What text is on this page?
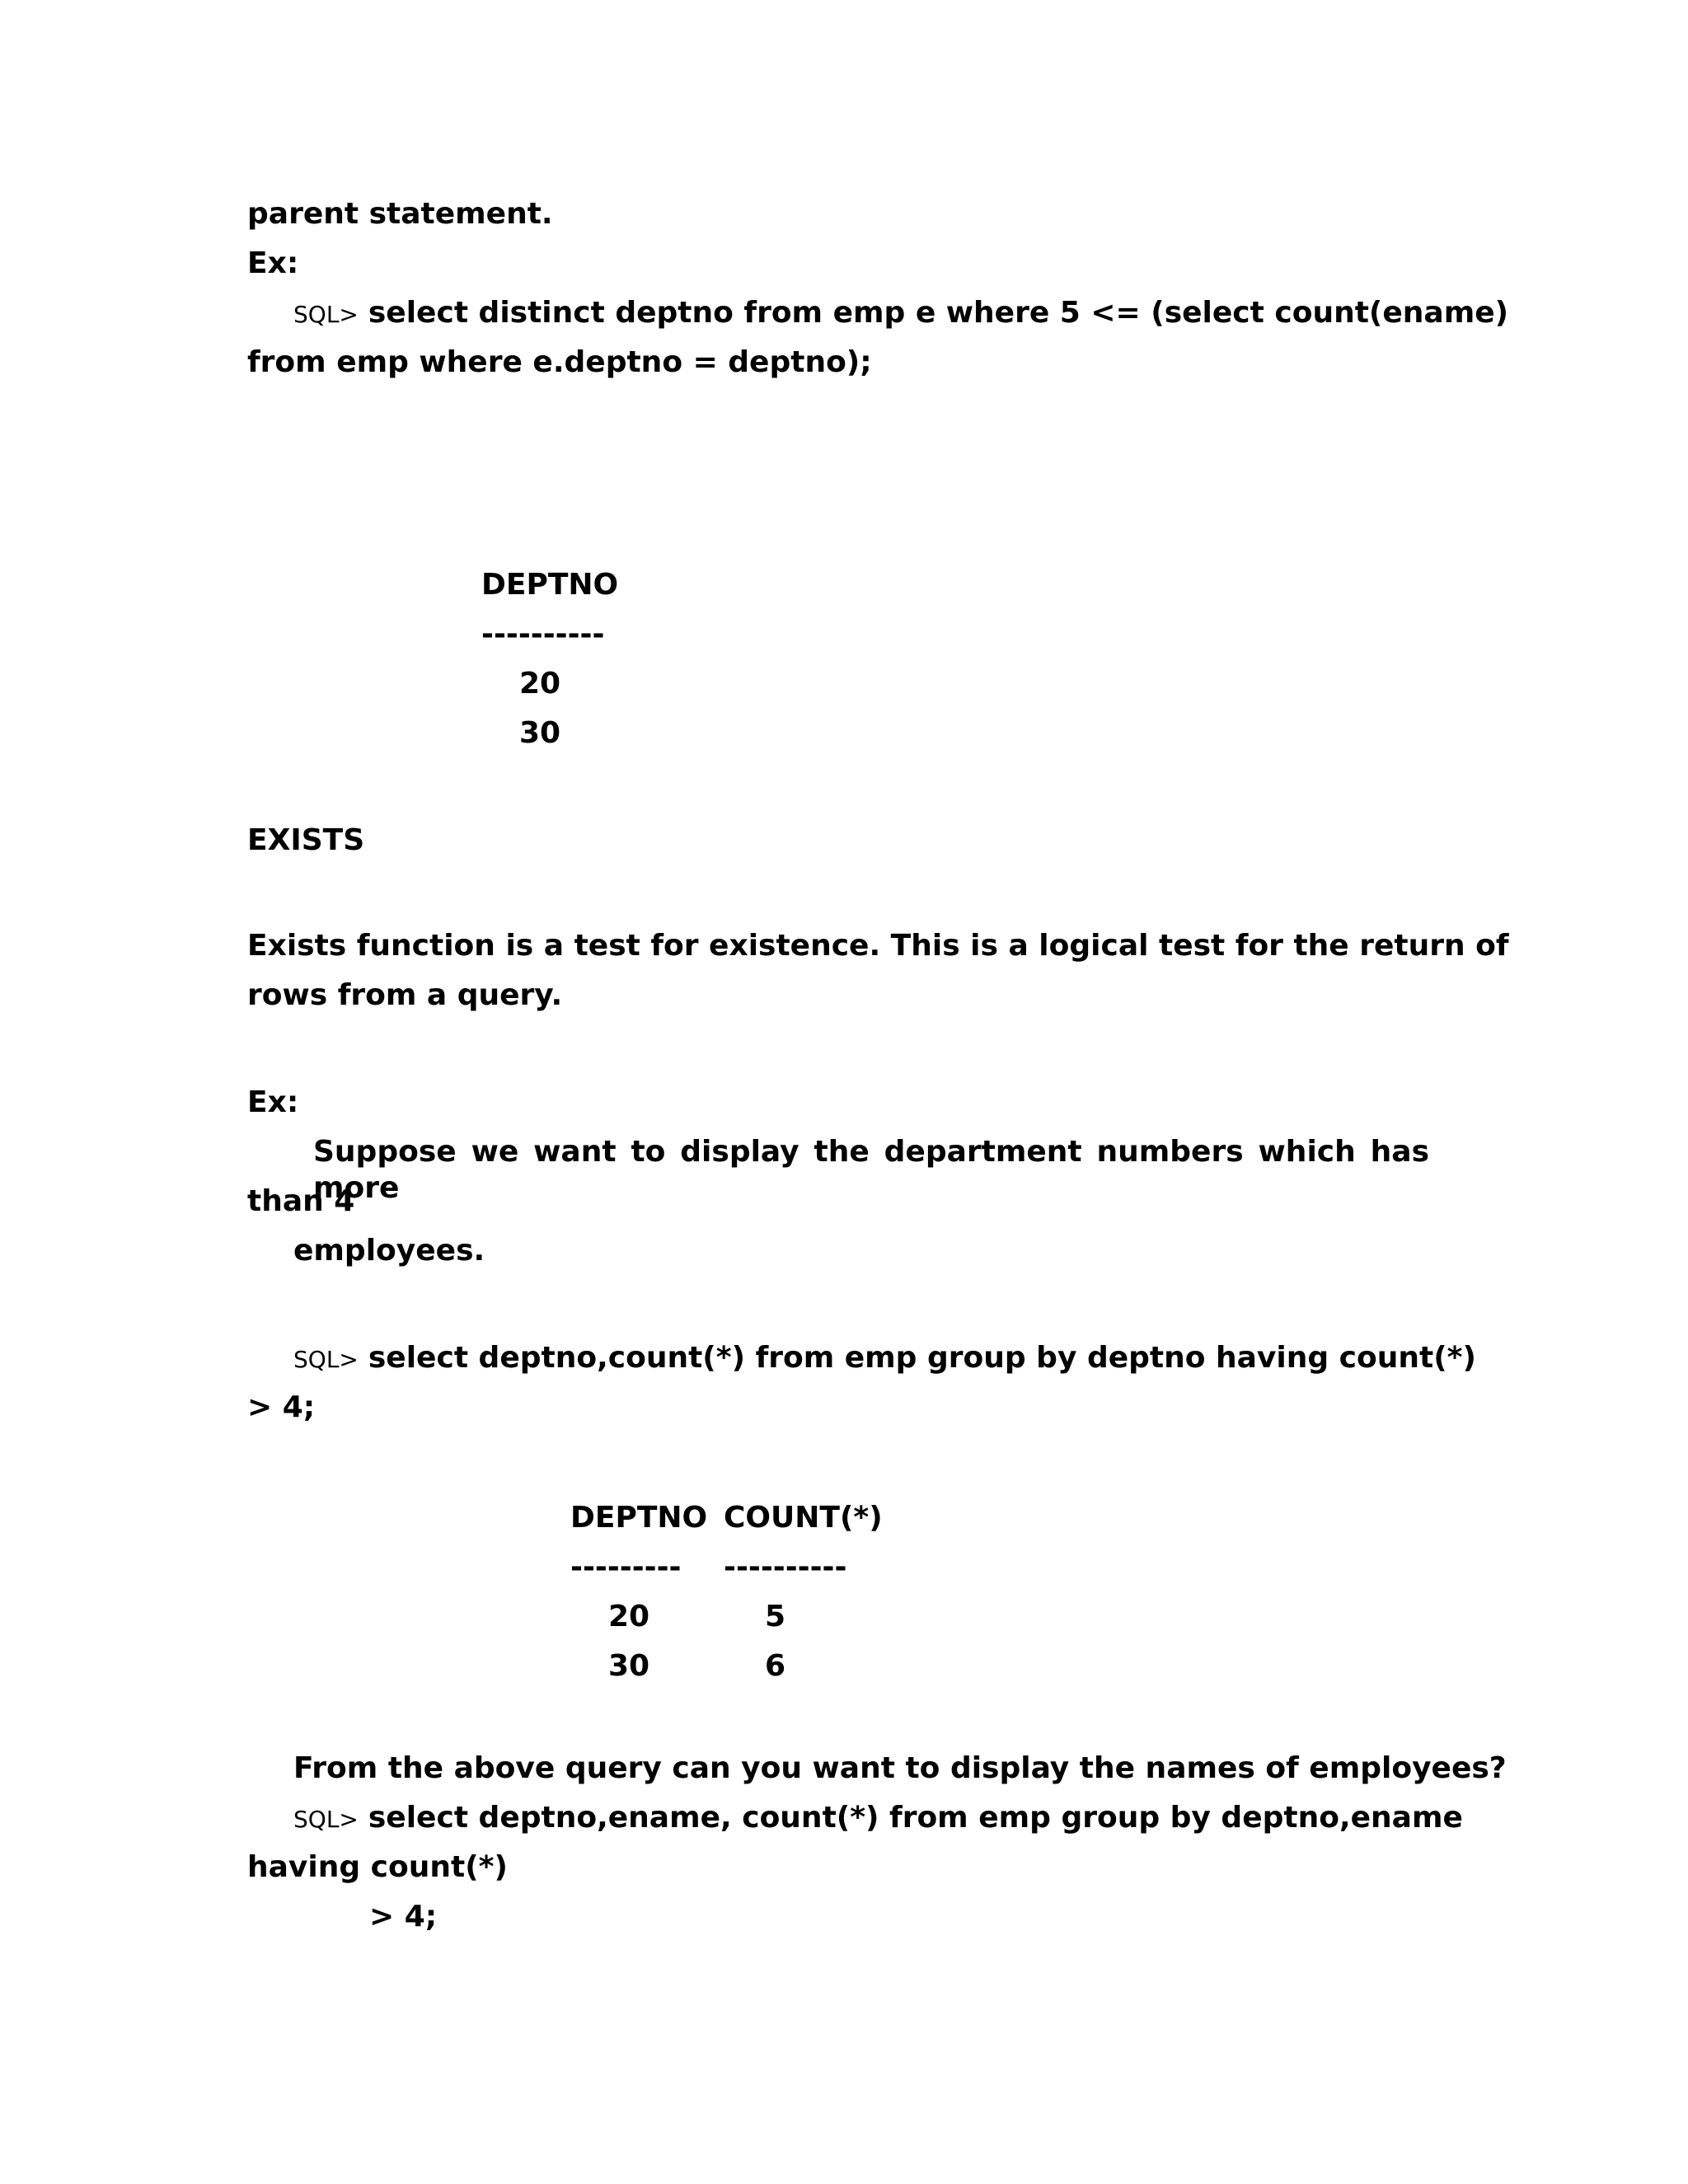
parent statement.
Ex:
SQL> select distinct deptno from emp e where 5 <= (select count(ename)
from emp where e.deptno = deptno);

DEPTNO

----------

20

30

EXISTS
Exists function is a test for existence. This is a logical test for the return of
rows from a query.
Ex:
Suppose we want to display the department numbers which has more
than 4
employees.
SQL> select deptno,count(*) from emp group by deptno having count(*)
> 4;

DEPTNO

COUNT(*)

---------

----------

20

	5

30

	6

From the above query can you want to display the names of employees?
SQL> select deptno,ename, count(*) from emp group by deptno,ename
having count(*)
> 4;
